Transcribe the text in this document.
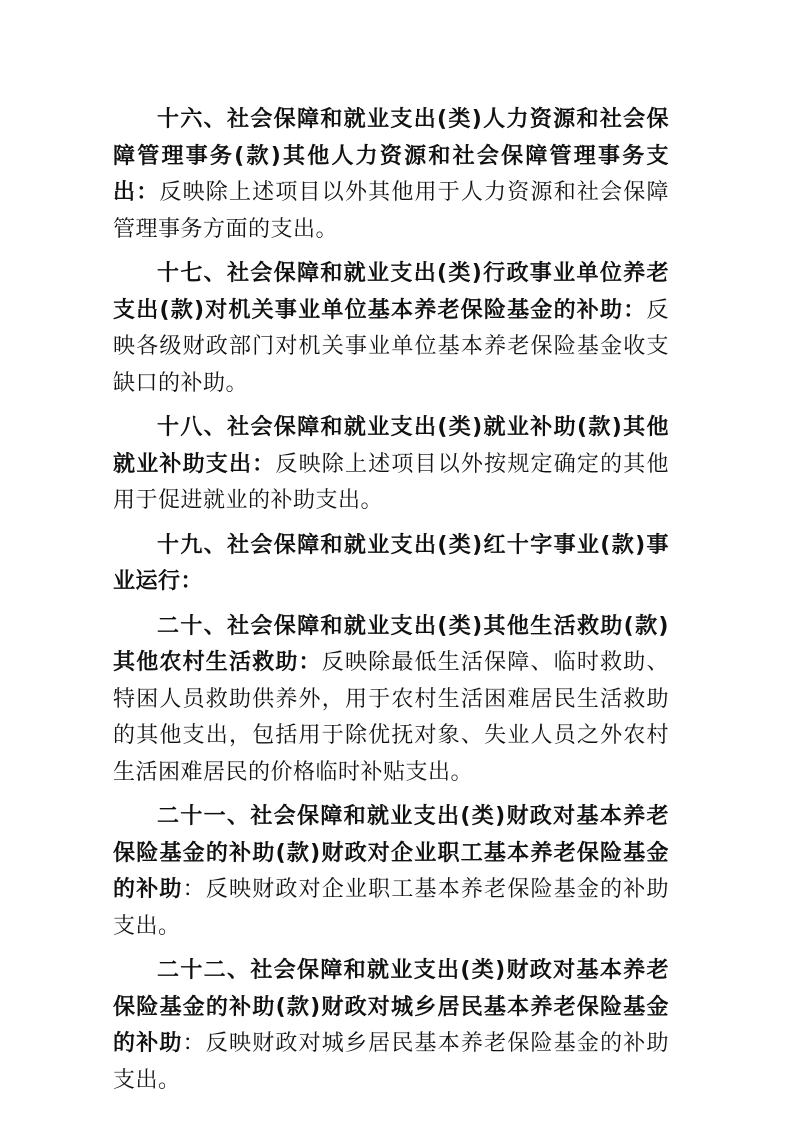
十六、社会保障和就业支出(类)人力资源和社会保障管理事务(款)其他人力资源和社会保障管理事务支出：反映除上述项目以外其他用于人力资源和社会保障管理事务方面的支出。

十七、社会保障和就业支出(类)行政事业单位养老支出(款)对机关事业单位基本养老保险基金的补助：反映各级财政部门对机关事业单位基本养老保险基金收支缺口的补助。

十八、社会保障和就业支出(类)就业补助(款)其他就业补助支出：反映除上述项目以外按规定确定的其他用于促进就业的补助支出。

十九、社会保障和就业支出(类)红十字事业(款)事业运行：

二十、社会保障和就业支出(类)其他生活救助(款)其他农村生活救助：反映除最低生活保障、临时救助、特困人员救助供养外，用于农村生活困难居民生活救助的其他支出，包括用于除优抚对象、失业人员之外农村生活困难居民的价格临时补贴支出。

二十一、社会保障和就业支出(类)财政对基本养老保险基金的补助(款)财政对企业职工基本养老保险基金的补助：反映财政对企业职工基本养老保险基金的补助支出。

二十二、社会保障和就业支出(类)财政对基本养老保险基金的补助(款)财政对城乡居民基本养老保险基金的补助：反映财政对城乡居民基本养老保险基金的补助支出。
